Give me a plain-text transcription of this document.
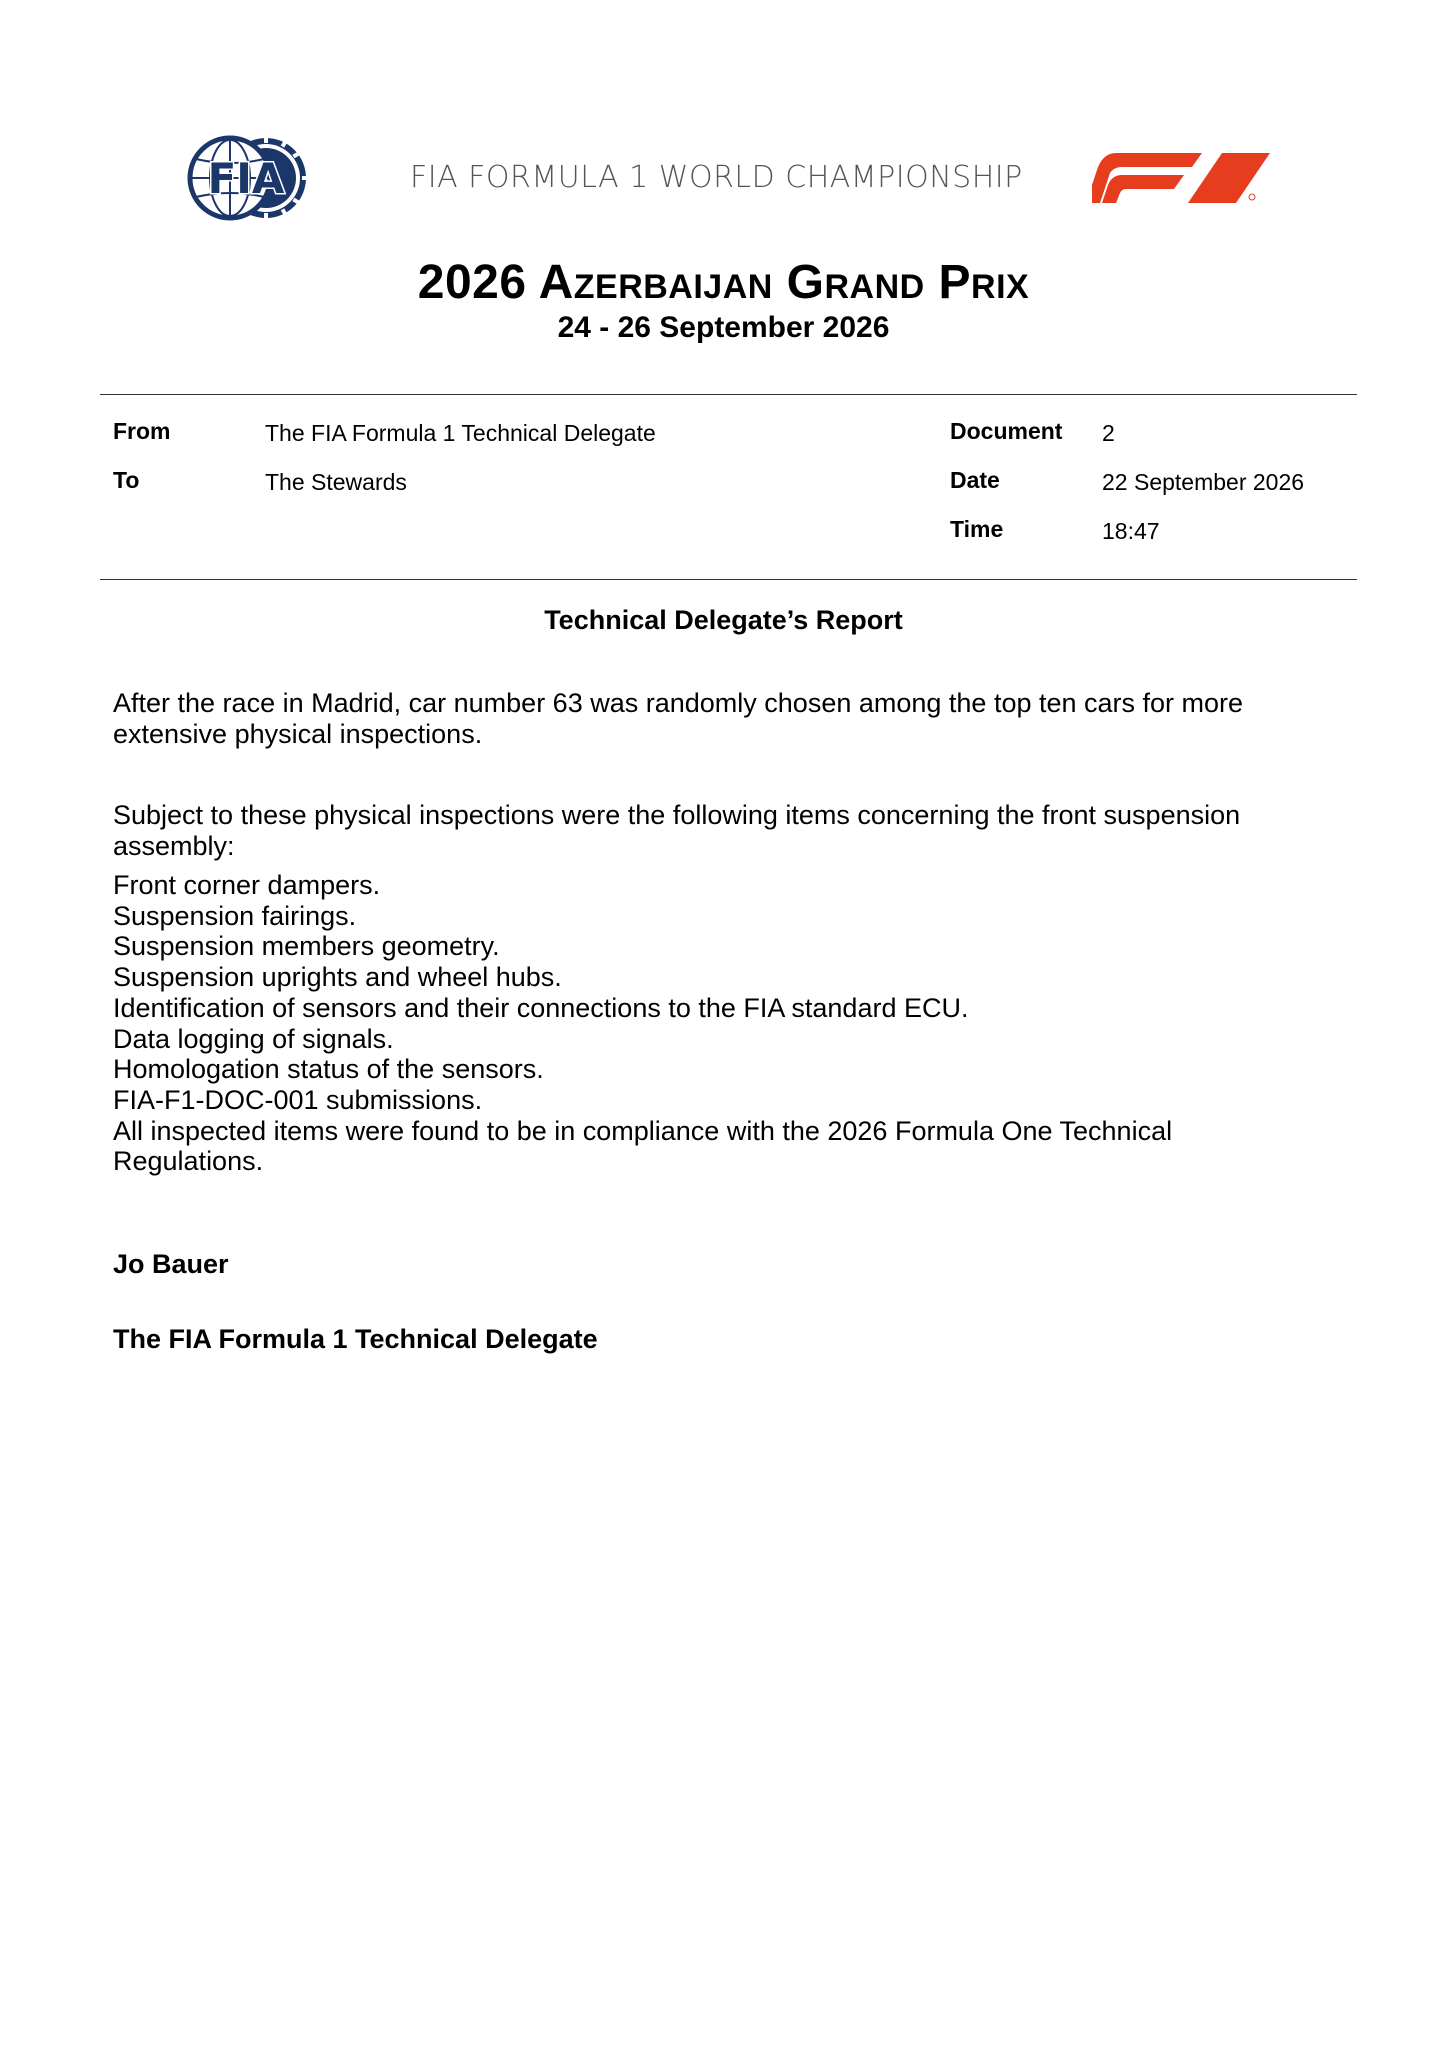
FIA	FIA FORMULA 1 WORLD CHAMPIONSHIP
2026 Azerbaijan Grand Prix
24 - 26 September 2026
From	The FIA Formula 1 Technical Delegate
To	The Stewards
Document 2
Date	22 September 2026
Time	18:47
Technical Delegate’s Report
After the race in Madrid, car number 63 was randomly chosen among the top ten cars for more extensive physical inspections.
Subject to these physical inspections were the following items concerning the front suspension assembly:
Front corner dampers.
Suspension fairings.
Suspension members geometry.
Suspension uprights and wheel hubs.
Identification of sensors and their connections to the FIA standard ECU.
Data logging of signals.
Homologation status of the sensors.
FIA-F1-DOC-001 submissions.
All inspected items were found to be in compliance with the 2026 Formula One Technical Regulations.
Jo Bauer
The FIA Formula 1 Technical Delegate
